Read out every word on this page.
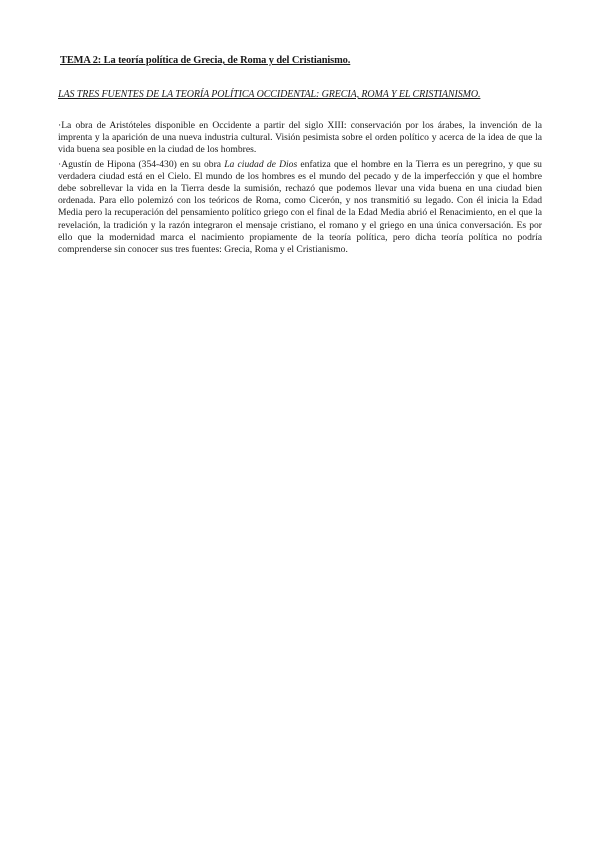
TEMA 2: La teoría política de Grecia, de Roma y del Cristianismo.
LAS TRES FUENTES DE LA TEORÍA POLÍTICA OCCIDENTAL: GRECIA, ROMA Y EL CRISTIANISMO.

·La obra de Aristóteles disponible en Occidente a partir del siglo XIII: conservación por los árabes, la invención de la imprenta y la aparición de una nueva industria cultural. Visión pesimista sobre el orden político y acerca de la idea de que la vida buena sea posible en la ciudad de los hombres.

·Agustín de Hipona (354-430) en su obra La ciudad de Dios enfatiza que el hombre en la Tierra es un peregrino, y que su verdadera ciudad está en el Cielo. El mundo de los hombres es el mundo del pecado y de la imperfección y que el hombre debe sobrellevar la vida en la Tierra desde la sumisión, rechazó que podemos llevar una vida buena en una ciudad bien ordenada. Para ello polemizó con los teóricos de Roma, como Cicerón, y nos transmitió su legado. Con él inicia la Edad Media pero la recuperación del pensamiento político griego con el final de la Edad Media abrió el Renacimiento, en el que la revelación, la tradición y la razón integraron el mensaje cristiano, el romano y el griego en una única conversación. Es por ello que la modernidad marca el nacimiento propiamente de la teoría política, pero dicha teoría política no podría comprenderse sin conocer sus tres fuentes: Grecia, Roma y el Cristianismo.
